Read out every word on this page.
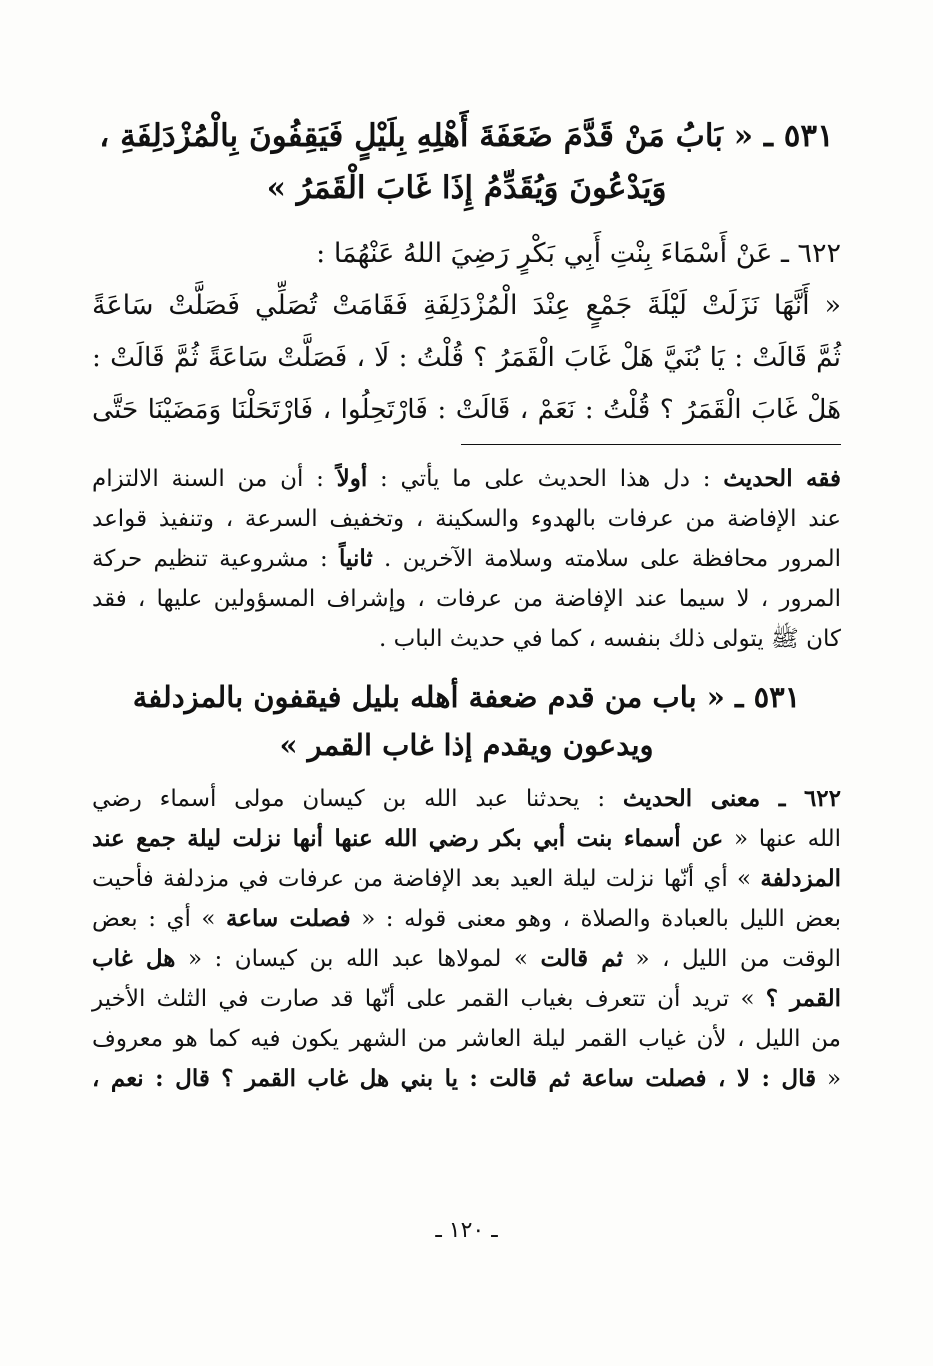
٥٣١ ـ « بَابُ مَنْ قَدَّمَ ضَعَفَةَ أَهْلِهِ بِلَيْلٍ فَيَقِفُونَ بِالْمُزْدَلِفَةِ ،
وَيَدْعُونَ وَيُقَدِّمُ إِذَا غَابَ الْقَمَرُ »

٦٢٢ ـ عَنْ أَسْمَاءَ بِنْتِ أَبِي بَكْرٍ رَضِيَ اللهُ عَنْهُمَا :

« أَنَّهَا نَزَلَتْ لَيْلَةَ جَمْعٍ عِنْدَ الْمُزْدَلِفَةِ فَقَامَتْ تُصَلِّي فَصَلَّتْ سَاعَةً
ثُمَّ قَالَتْ : يَا بُنَيَّ هَلْ غَابَ الْقَمَرُ ؟ قُلْتُ : لَا ، فَصَلَّتْ سَاعَةً ثُمَّ قَالَتْ :
هَلْ غَابَ الْقَمَرُ ؟ قُلْتُ : نَعَمْ ، قَالَتْ : فَارْتَحِلُوا ، فَارْتَحَلْنَا وَمَضَيْنَا حَتَّى
فقه الحديث : دل هذا الحديث على ما يأتي : أولاً : أن من السنة الالتزام
عند الإفاضة من عرفات بالهدوء والسكينة ، وتخفيف السرعة ، وتنفيذ قواعد
المرور محافظة على سلامته وسلامة الآخرين . ثانياً : مشروعية تنظيم حركة
المرور ، لا سيما عند الإفاضة من عرفات ، وإشراف المسؤولين عليها ، فقد
كان ﷺ يتولى ذلك بنفسه ، كما في حديث الباب .
٥٣١ ـ « باب من قدم ضعفة أهله بليل فيقفون بالمزدلفة
ويدعون ويقدم إذا غاب القمر »
٦٢٢ ـ معنى الحديث : يحدثنا عبد الله بن كيسان مولى أسماء رضي
الله عنها « عن أسماء بنت أبي بكر رضي الله عنها أنها نزلت ليلة جمع عند
المزدلفة » أي أنّها نزلت ليلة العيد بعد الإفاضة من عرفات في مزدلفة فأحيت
بعض الليل بالعبادة والصلاة ، وهو معنى قوله : « فصلت ساعة » أي : بعض
الوقت من الليل ، « ثم قالت » لمولاها عبد الله بن كيسان : « هل غاب
القمر ؟ » تريد أن تتعرف بغياب القمر على أنّها قد صارت في الثلث الأخير
من الليل ، لأن غياب القمر ليلة العاشر من الشهر يكون فيه كما هو معروف
« قال : لا ، فصلت ساعة ثم قالت : يا بني هل غاب القمر ؟ قال : نعم ،
ـ ١٢٠ ـ
